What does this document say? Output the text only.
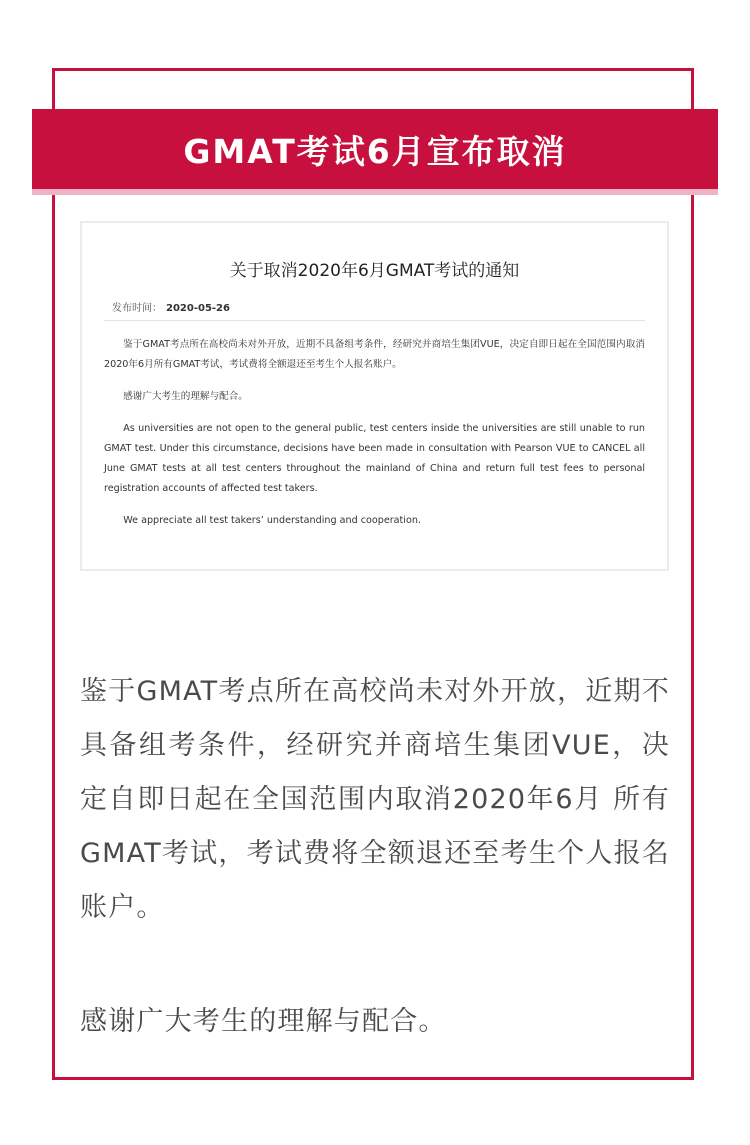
GMAT考试6月宣布取消
关于取消2020年6月GMAT考试的通知
发布时间： 2020-05-26

鉴于GMAT考点所在高校尚未对外开放，近期不具备组考条件，经研究并商培生集团VUE，决定自即日起在全国范围内取消2020年6月所有GMAT考试，考试费将全额退还至考生个人报名账户。

感谢广大考生的理解与配合。

As universities are not open to the general public, test centers inside the universities are still unable to run GMAT test. Under this circumstance, decisions have been made in consultation with Pearson VUE to CANCEL all June GMAT tests at all test centers throughout the mainland of China and return full test fees to personal registration accounts of affected test takers.

We appreciate all test takers’ understanding and cooperation.

鉴于GMAT考点所在高校尚未对外开放，近期不具备组考条件，经研究并商培生集团VUE，决定自即日起在全国范围内取消2020年6月 所有GMAT考试，考试费将全额退还至考生个人报名账户。

感谢广大考生的理解与配合。
